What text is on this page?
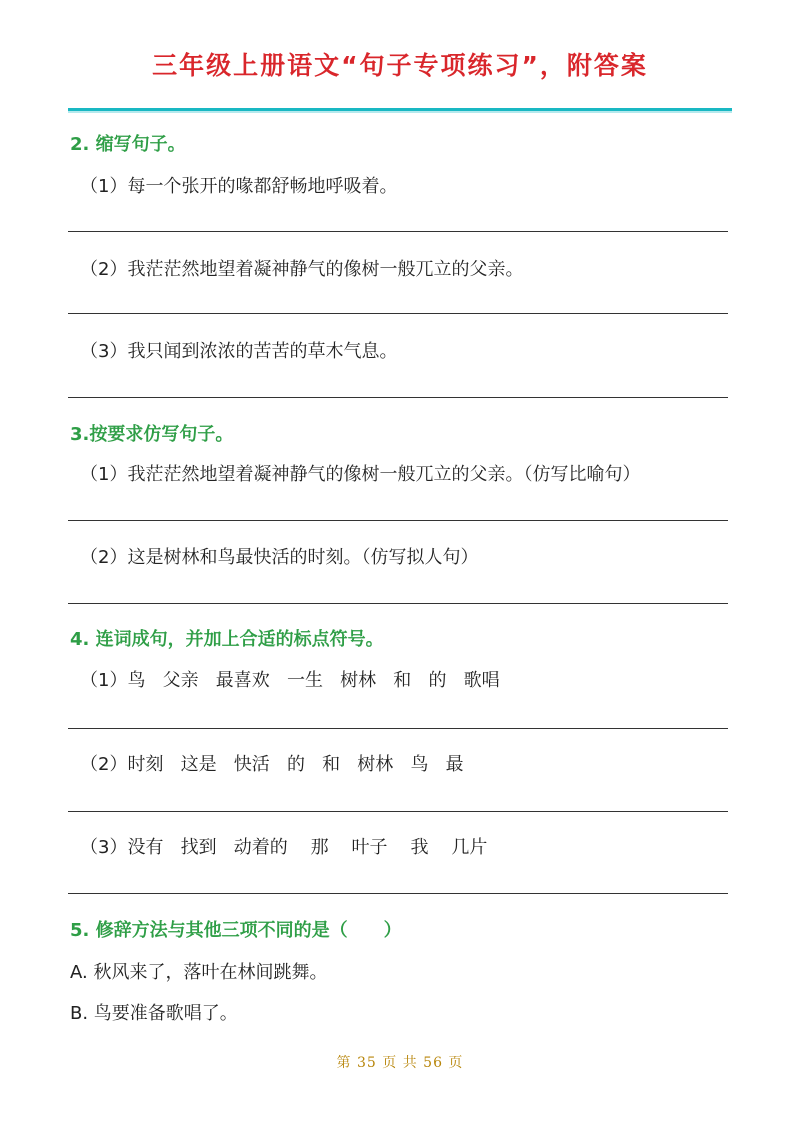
三年级上册语文“句子专项练习”，附答案
2. 缩写句子。
（1）每一个张开的喙都舒畅地呼吸着。
（2）我茫茫然地望着凝神静气的像树一般兀立的父亲。
（3）我只闻到浓浓的苦苦的草木气息。
3.按要求仿写句子。
（1）我茫茫然地望着凝神静气的像树一般兀立的父亲。（仿写比喻句）
（2）这是树林和鸟最快活的时刻。（仿写拟人句）
4. 连词成句，并加上合适的标点符号。
（1）鸟   父亲   最喜欢   一生   树林   和   的   歌唱
（2）时刻   这是   快活   的   和   树林   鸟   最
（3）没有   找到   动着的    那    叶子    我    几片
5. 修辞方法与其他三项不同的是（　　）
A. 秋风来了，落叶在林间跳舞。
B. 鸟要准备歌唱了。
第 35 页 共 56 页
